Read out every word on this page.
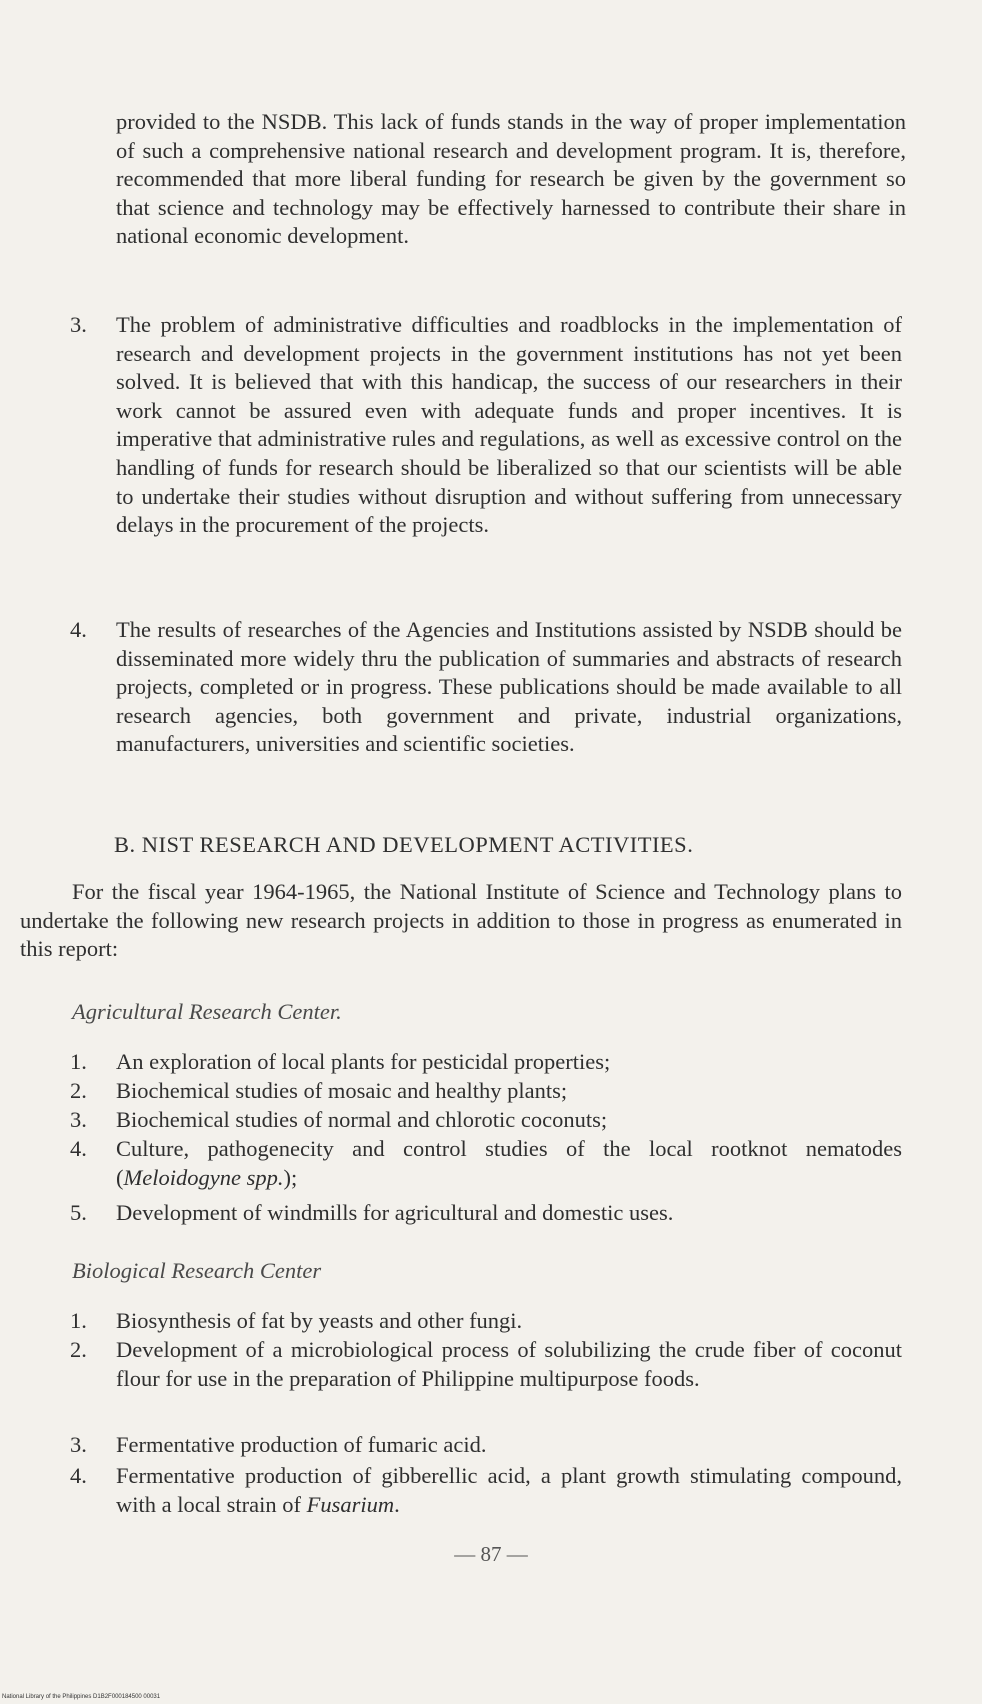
provided to the NSDB. This lack of funds stands in the way of proper implementation of such a comprehensive national research and development program. It is, therefore, recommended that more liberal funding for research be given by the government so that science and technology may be effectively harnessed to contribute their share in national economic development.
3.	The problem of administrative difficulties and roadblocks in the implementation of research and development projects in the government institutions has not yet been solved. It is believed that with this handicap, the success of our researchers in their work cannot be assured even with adequate funds and proper incentives. It is imperative that administrative rules and regulations, as well as excessive control on the handling of funds for research should be liberalized so that our scientists will be able to undertake their studies without disruption and without suffering from unnecessary delays in the procurement of the projects.
4.	The results of researches of the Agencies and Institutions assisted by NSDB should be disseminated more widely thru the publication of summaries and abstracts of research projects, completed or in progress. These publications should be made available to all research agencies, both government and private, industrial organizations, manufacturers, universities and scientific societies.
B. NIST RESEARCH AND DEVELOPMENT ACTIVITIES.
For the fiscal year 1964-1965, the National Institute of Science and Technology plans to undertake the following new research projects in addition to those in progress as enumerated in this report:
Agricultural Research Center.
1.	An exploration of local plants for pesticidal properties;
2.	Biochemical studies of mosaic and healthy plants;
3.	Biochemical studies of normal and chlorotic coconuts;
4.	Culture, pathogenecity and control studies of the local rootknot nematodes (Meloidogyne spp.);
5.	Development of windmills for agricultural and domestic uses.
Biological Research Center
1.	Biosynthesis of fat by yeasts and other fungi.
2.	Development of a microbiological process of solubilizing the crude fiber of coconut flour for use in the preparation of Philippine multipurpose foods.
3.	Fermentative production of fumaric acid.
4.	Fermentative production of gibberellic acid, a plant growth stimulating compound, with a local strain of Fusarium.
— 87 —
National Library of the Philippines D1B2F000184500 00031
